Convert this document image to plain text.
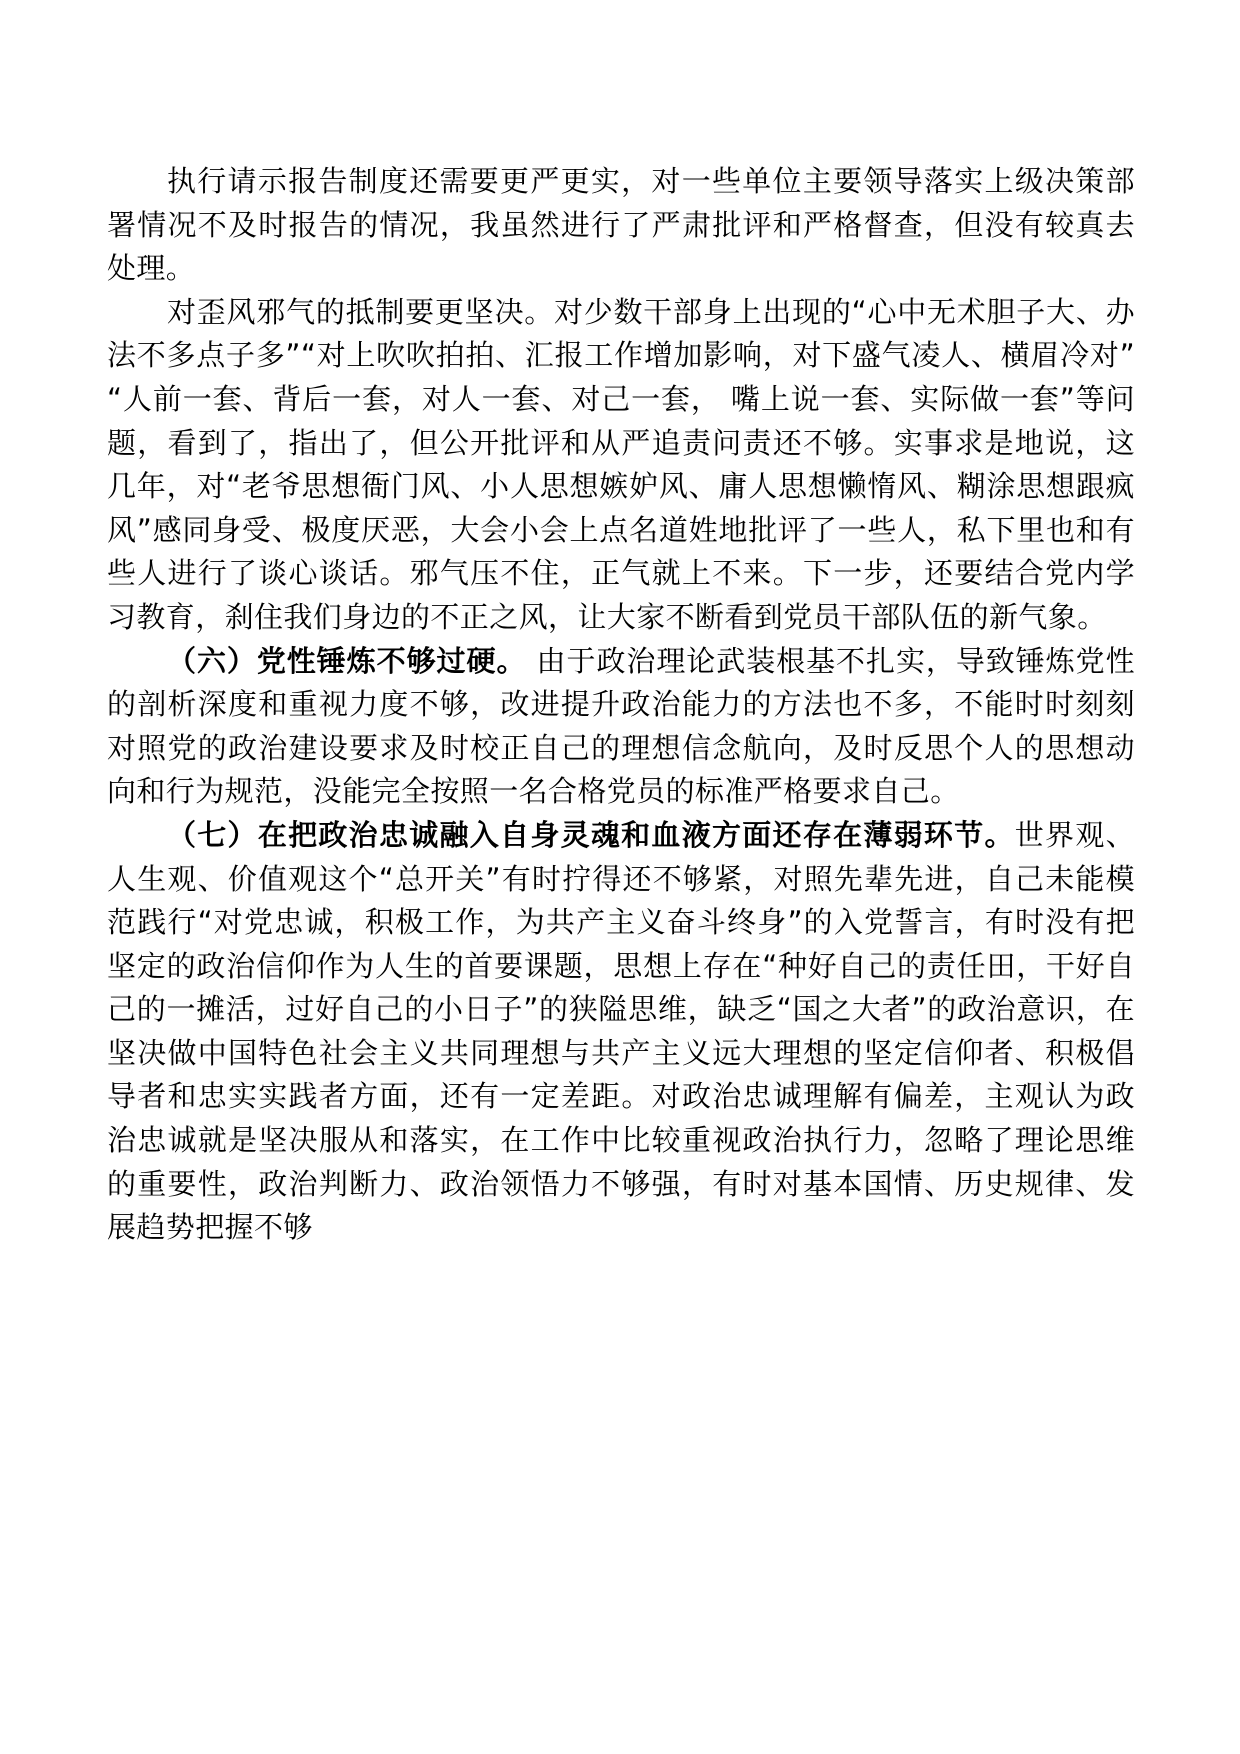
执行请示报告制度还需要更严更实，对一些单位主要领导落实上级决策部署情况不及时报告的情况，我虽然进行了严肃批评和严格督查，但没有较真去处理。

对歪风邪气的抵制要更坚决。对少数干部身上出现的“心中无术胆子大、办法不多点子多”“对上吹吹拍拍、汇报工作增加影响，对下盛气凌人、横眉冷对” “人前一套、背后一套，对人一套、对己一套， 嘴上说一套、实际做一套”等问题，看到了，指出了，但公开批评和从严追责问责还不够。实事求是地说，这几年，对“老爷思想衙门风、小人思想嫉妒风、庸人思想懒惰风、糊涂思想跟疯风”感同身受、极度厌恶，大会小会上点名道姓地批评了一些人，私下里也和有些人进行了谈心谈话。邪气压不住，正气就上不来。下一步，还要结合党内学习教育，刹住我们身边的不正之风，让大家不断看到党员干部队伍的新气象。

（六）党性锤炼不够过硬。 由于政治理论武装根基不扎实，导致锤炼党性的剖析深度和重视力度不够，改进提升政治能力的方法也不多，不能时时刻刻对照党的政治建设要求及时校正自己的理想信念航向，及时反思个人的思想动向和行为规范，没能完全按照一名合格党员的标准严格要求自己。

（七）在把政治忠诚融入自身灵魂和血液方面还存在薄弱环节。世界观、人生观、价值观这个“总开关”有时拧得还不够紧，对照先辈先进，自己未能模范践行“对党忠诚，积极工作，为共产主义奋斗终身”的入党誓言，有时没有把坚定的政治信仰作为人生的首要课题，思想上存在“种好自己的责任田，干好自己的一摊活，过好自己的小日子”的狭隘思维，缺乏“国之大者”的政治意识，在坚决做中国特色社会主义共同理想与共产主义远大理想的坚定信仰者、积极倡导者和忠实实践者方面，还有一定差距。对政治忠诚理解有偏差，主观认为政治忠诚就是坚决服从和落实，在工作中比较重视政治执行力，忽略了理论思维的重要性，政治判断力、政治领悟力不够强，有时对基本国情、历史规律、发展趋势把握不够
